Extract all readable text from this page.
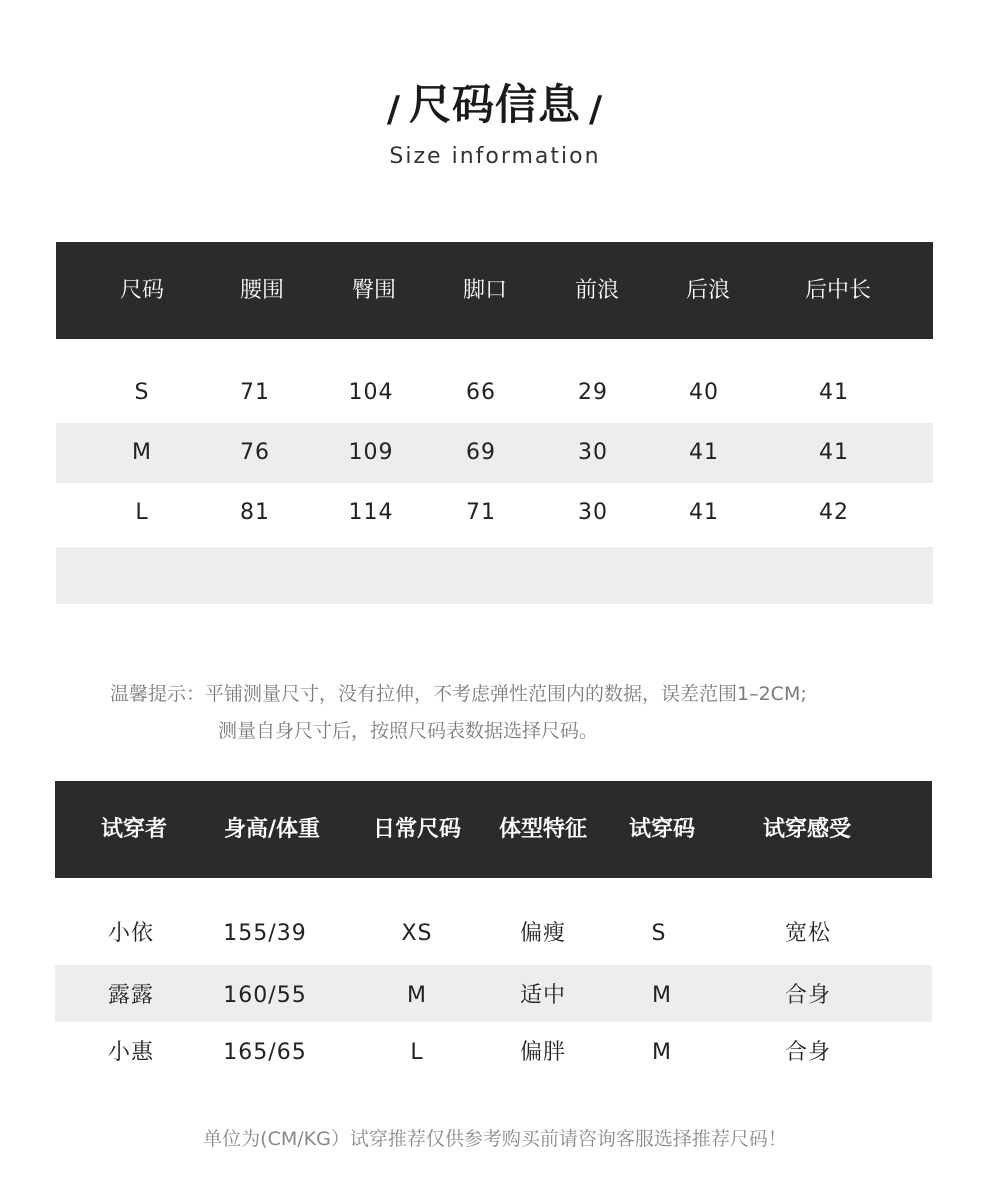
/ 尺码信息 /
Size information
尺码	腰围	臀围	脚口	前浪	后浪	后中长
S	71	104	66	29	40	41
M	76	109	69	30	41	41
L	81	114	71	30	41	42
温馨提示：平铺测量尺寸，没有拉伸，不考虑弹性范围内的数据，误差范围1–2CM;
测量自身尺寸后，按照尺码表数据选择尺码。
试穿者	身高/体重 日常尺码 体型特征 试穿码	试穿感受
小依	155/39	XS	偏瘦	S	宽松
露露	160/55	M	适中	M	合身
小惠	165/65	L	偏胖	M	合身
单位为(CM/KG）试穿推荐仅供参考购买前请咨询客服选择推荐尺码！
